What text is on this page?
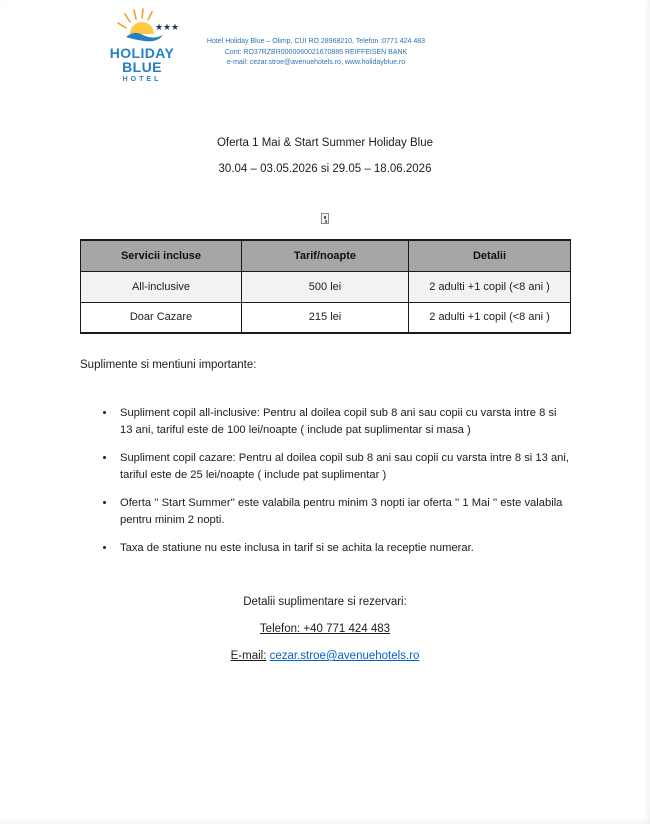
★ ★ ★
HOLIDAY BLUE
HOTEL
Hotel Holiday Blue – Olimp, CUI RO 28968210, Telefon :0771 424 483
Cont: RO37RZBR0000060021670885 REIFFEISEN BANK
e-mail: cezar.stroe@avenuehotels.ro, www.holidayblue.ro
Oferta 1 Mai & Start Summer Holiday Blue
30.04 – 03.05.2026 si 29.05 – 18.06.2026
Servicii incluse	Tarif/noapte	Detalii
All-inclusive	500 lei	2 adulti +1 copil (<8 ani )
Doar Cazare	215 lei	2 adulti +1 copil (<8 ani )
Suplimente si mentiuni importante:
• Supliment copil all-inclusive: Pentru al doilea copil sub 8 ani sau copii cu varsta intre 8 si 13 ani, tariful este de 100 lei/noapte ( include pat suplimentar si masa )
• Supliment copil cazare: Pentru al doilea copil sub 8 ani sau copii cu varsta intre 8 si 13 ani, tariful este de 25 lei/noapte ( include pat suplimentar )
• Oferta '' Start Summer'' este valabila pentru minim 3 nopti iar oferta '' 1 Mai '' este valabila pentru minim 2 nopti.
• Taxa de statiune nu este inclusa in tarif si se achita la receptie numerar.
Detalii suplimentare si rezervari:
Telefon: +40 771 424 483
E-mail: cezar.stroe@avenuehotels.ro
